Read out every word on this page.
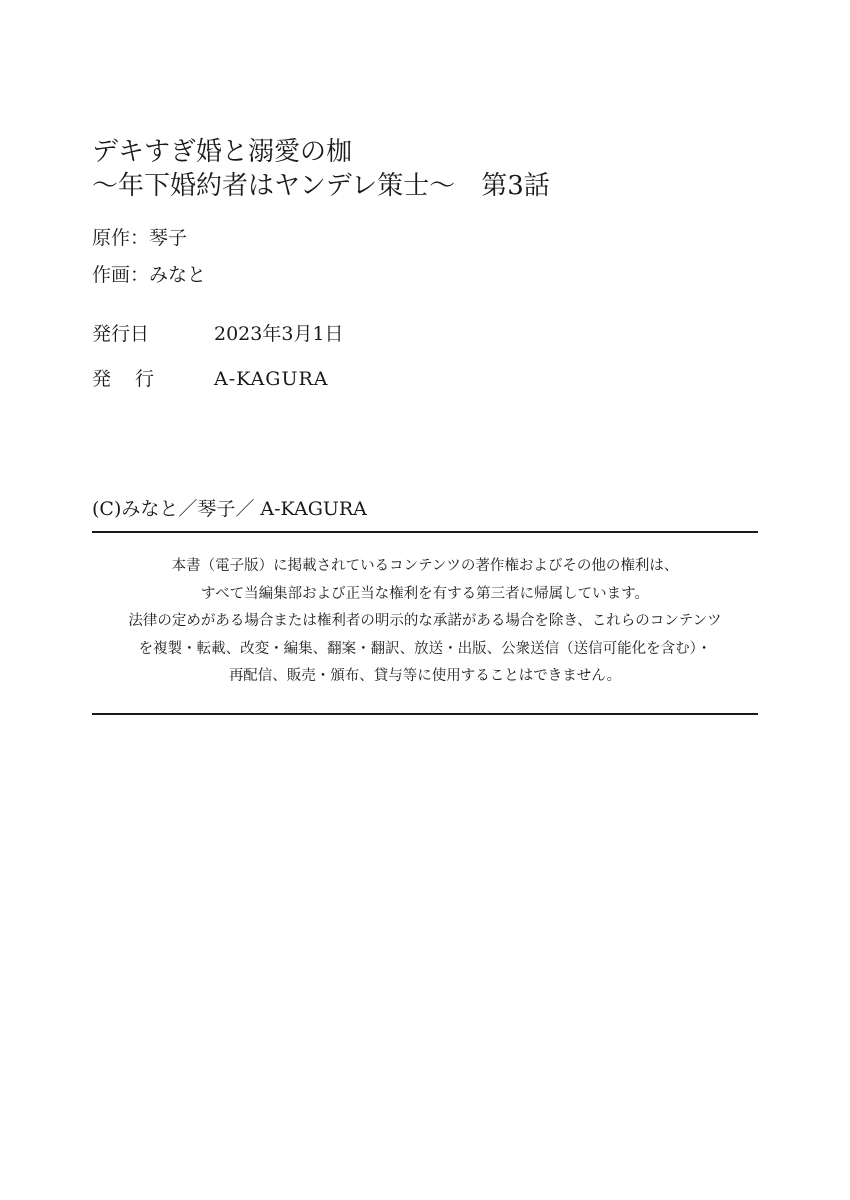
デキすぎ婚と溺愛の枷
～年下婚約者はヤンデレ策士～　第3話
原作：琴子
作画：みなと
発行日	2023年3月1日
発行 A-KAGURA
(C)みなと／琴子／ A-KAGURA
本書（電子版）に掲載されているコンテンツの著作権およびその他の権利は、
すべて当編集部および正当な権利を有する第三者に帰属しています。
法律の定めがある場合または権利者の明示的な承諾がある場合を除き、これらのコンテンツ
を複製・転載、改変・編集、翻案・翻訳、放送・出版、公衆送信（送信可能化を含む）・
再配信、販売・頒布、貸与等に使用することはできません。
